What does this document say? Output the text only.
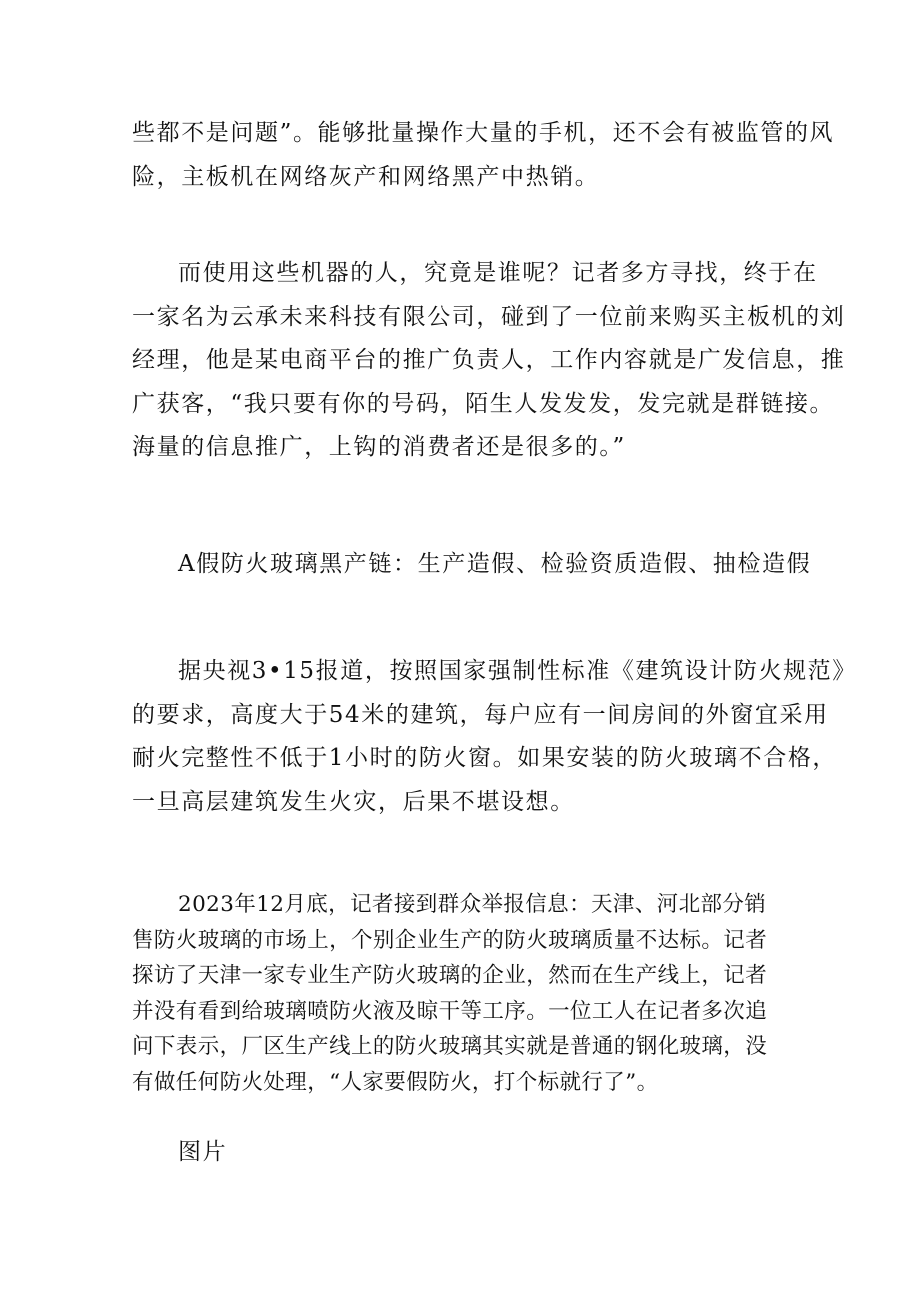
些都不是问题”。能够批量操作大量的手机，还不会有被监管的风
险，主板机在网络灰产和网络黑产中热销。

而使用这些机器的人，究竟是谁呢？记者多方寻找，终于在
一家名为云承未来科技有限公司，碰到了一位前来购买主板机的刘
经理，他是某电商平台的推广负责人，工作内容就是广发信息，推
广获客，“我只要有你的号码，陌生人发发发，发完就是群链接。
海量的信息推广，上钩的消费者还是很多的。”

A假防火玻璃黑产链：生产造假、检验资质造假、抽检造假

据央视3•15报道，按照国家强制性标准《建筑设计防火规范》
的要求，高度大于54米的建筑，每户应有一间房间的外窗宜采用
耐火完整性不低于1小时的防火窗。如果安装的防火玻璃不合格，
一旦高层建筑发生火灾，后果不堪设想。

2023年12月底，记者接到群众举报信息：天津、河北部分销
售防火玻璃的市场上，个别企业生产的防火玻璃质量不达标。记者
探访了天津一家专业生产防火玻璃的企业，然而在生产线上，记者
并没有看到给玻璃喷防火液及晾干等工序。一位工人在记者多次追
问下表示，厂区生产线上的防火玻璃其实就是普通的钢化玻璃，没
有做任何防火处理，“人家要假防火，打个标就行了”。

图片
